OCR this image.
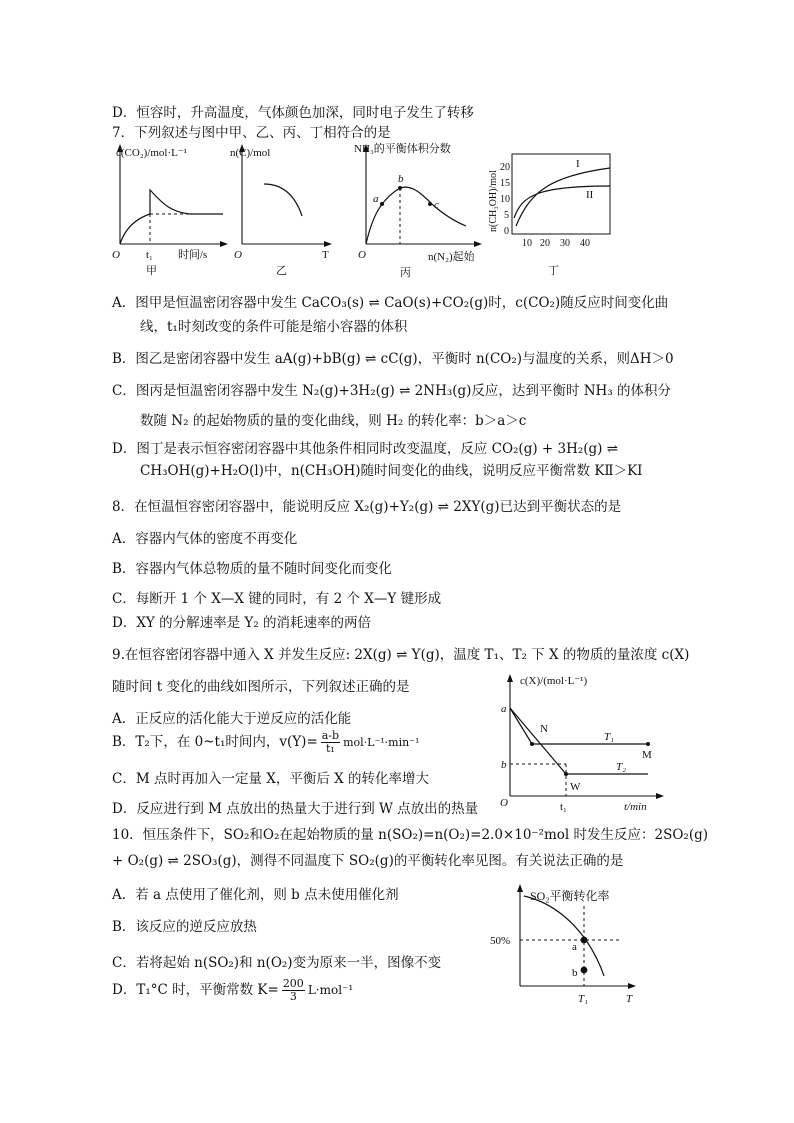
D．恒容时，升高温度，气体颜色加深，同时电子发生了转移
7．下列叙述与图中甲、乙、丙、丁相符合的是
A．图甲是恒温密闭容器中发生 CaCO₃(s) ⇌ CaO(s)+CO₂(g)时，c(CO₂)随反应时间变化曲
线，t₁时刻改变的条件可能是缩小容器的体积
B．图乙是密闭容器中发生 aA(g)+bB(g) ⇌ cC(g)，平衡时 n(CO₂)与温度的关系，则ΔH＞0
C．图丙是恒温密闭容器中发生 N₂(g)+3H₂(g) ⇌ 2NH₃(g)反应，达到平衡时 NH₃ 的体积分
数随 N₂ 的起始物质的量的变化曲线，则 H₂ 的转化率：b＞a＞c
D．图丁是表示恒容密闭容器中其他条件相同时改变温度，反应 CO₂(g) + 3H₂(g) ⇌
CH₃OH(g)+H₂O(l)中，n(CH₃OH)随时间变化的曲线，说明反应平衡常数 KⅡ＞KⅠ
8．在恒温恒容密闭容器中，能说明反应 X₂(g)+Y₂(g) ⇌ 2XY(g)已达到平衡状态的是
A．容器内气体的密度不再变化
B．容器内气体总物质的量不随时间变化而变化
C．每断开 1 个 X—X 键的同时，有 2 个 X—Y 键形成
D．XY 的分解速率是 Y₂ 的消耗速率的两倍
9.在恒容密闭容器中通入 X 并发生反应: 2X(g) ⇌ Y(g)，温度 T₁、T₂ 下 X 的物质的量浓度 c(X)
随时间 t 变化的曲线如图所示，下列叙述正确的是
A．正反应的活化能大于逆反应的活化能
B．T₂下，在 0~t₁时间内，$v(Y)= \frac{a-b}{\text{t₁}} mol\cdot L^{-1}\cdot\min^{-1}$
C．M 点时再加入一定量 X，平衡后 X 的转化率增大
D．反应进行到 M 点放出的热量大于进行到 W 点放出的热量
10．恒压条件下，SO₂和O₂在起始物质的量 n(SO₂)=n(O₂)=2.0×10⁻²mol 时发生反应：2SO₂(g)
+ O₂(g) ⇌ 2SO₃(g)，测得不同温度下 SO₂(g)的平衡转化率见图。有关说法正确的是
A．若 a 点使用了催化剂，则 b 点未使用催化剂
B．该反应的逆反应放热
C．若将起始 n(SO₂)和 n(O₂)变为原来一半，图像不变
D．T₁°C 时，平衡常数 $K= \frac{200}{3} L\cdot mol^{-1}$
c(CO₂)/mol·L⁻¹
O t₁ 时间/s
甲
n(C)/mol
O	T
乙
NH₃的平衡体积分数
a
b
c
O	n(N₂)起始
丙
n(CH₃OH)/mol
20
15
10
5
0
10 20 30 40
I
II
丁
c(X)/(mol·L⁻¹)
a
b
O	t₁	t/min
N
M
W
T₁
T₂
SO₂平衡转化率
50%	a
b
T₁	T
